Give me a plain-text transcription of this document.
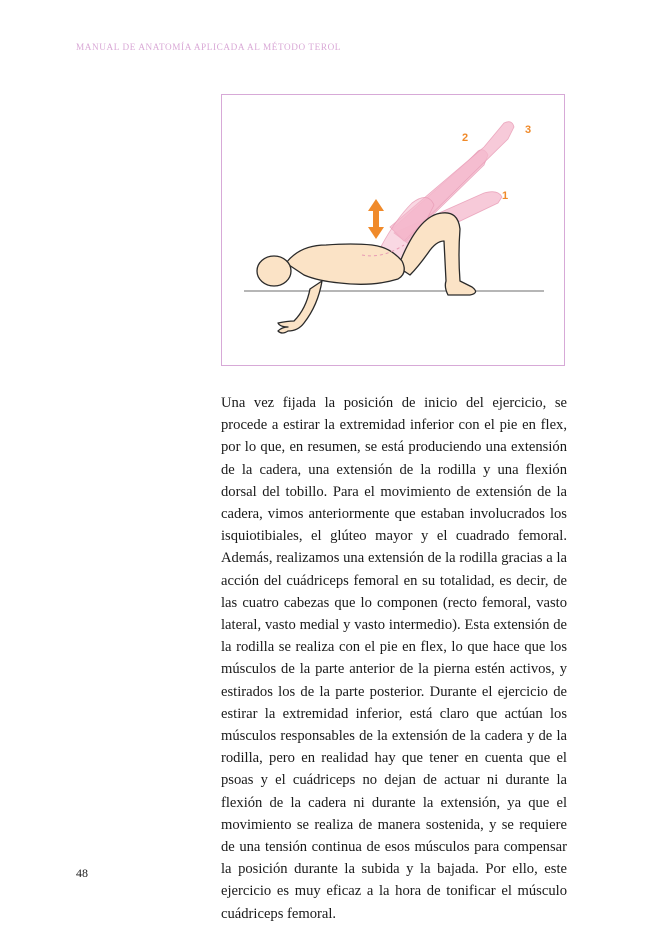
MANUAL DE ANATOMÍA APLICADA AL MÉTODO TEROL
1
2
3

Una vez fijada la posición de inicio del ejercicio, se procede a estirar la extremidad inferior con el pie en flex, por lo que, en resumen, se está produciendo una extensión de la cadera, una extensión de la rodilla y una flexión dorsal del tobillo. Para el movimiento de extensión de la cadera, vimos anteriormente que estaban involucrados los isquiotibiales, el glúteo mayor y el cuadrado femoral. Además, realizamos una extensión de la rodilla gracias a la acción del cuádriceps femoral en su totalidad, es decir, de las cuatro cabezas que lo componen (recto femoral, vasto lateral, vasto medial y vasto intermedio). Esta extensión de la rodilla se realiza con el pie en flex, lo que hace que los músculos de la parte anterior de la pierna estén activos, y estirados los de la parte posterior. Durante el ejercicio de estirar la extremidad inferior, está claro que actúan los músculos responsables de la extensión de la cadera y de la rodilla, pero en realidad hay que tener en cuenta que el psoas y el cuádriceps no dejan de actuar ni durante la flexión de la cadera ni durante la extensión, ya que el movimiento se realiza de manera sostenida, y se requiere de una tensión continua de esos músculos para compensar la posición durante la subida y la bajada. Por ello, este ejercicio es muy eficaz a la hora de tonificar el músculo cuádriceps femoral.

48
